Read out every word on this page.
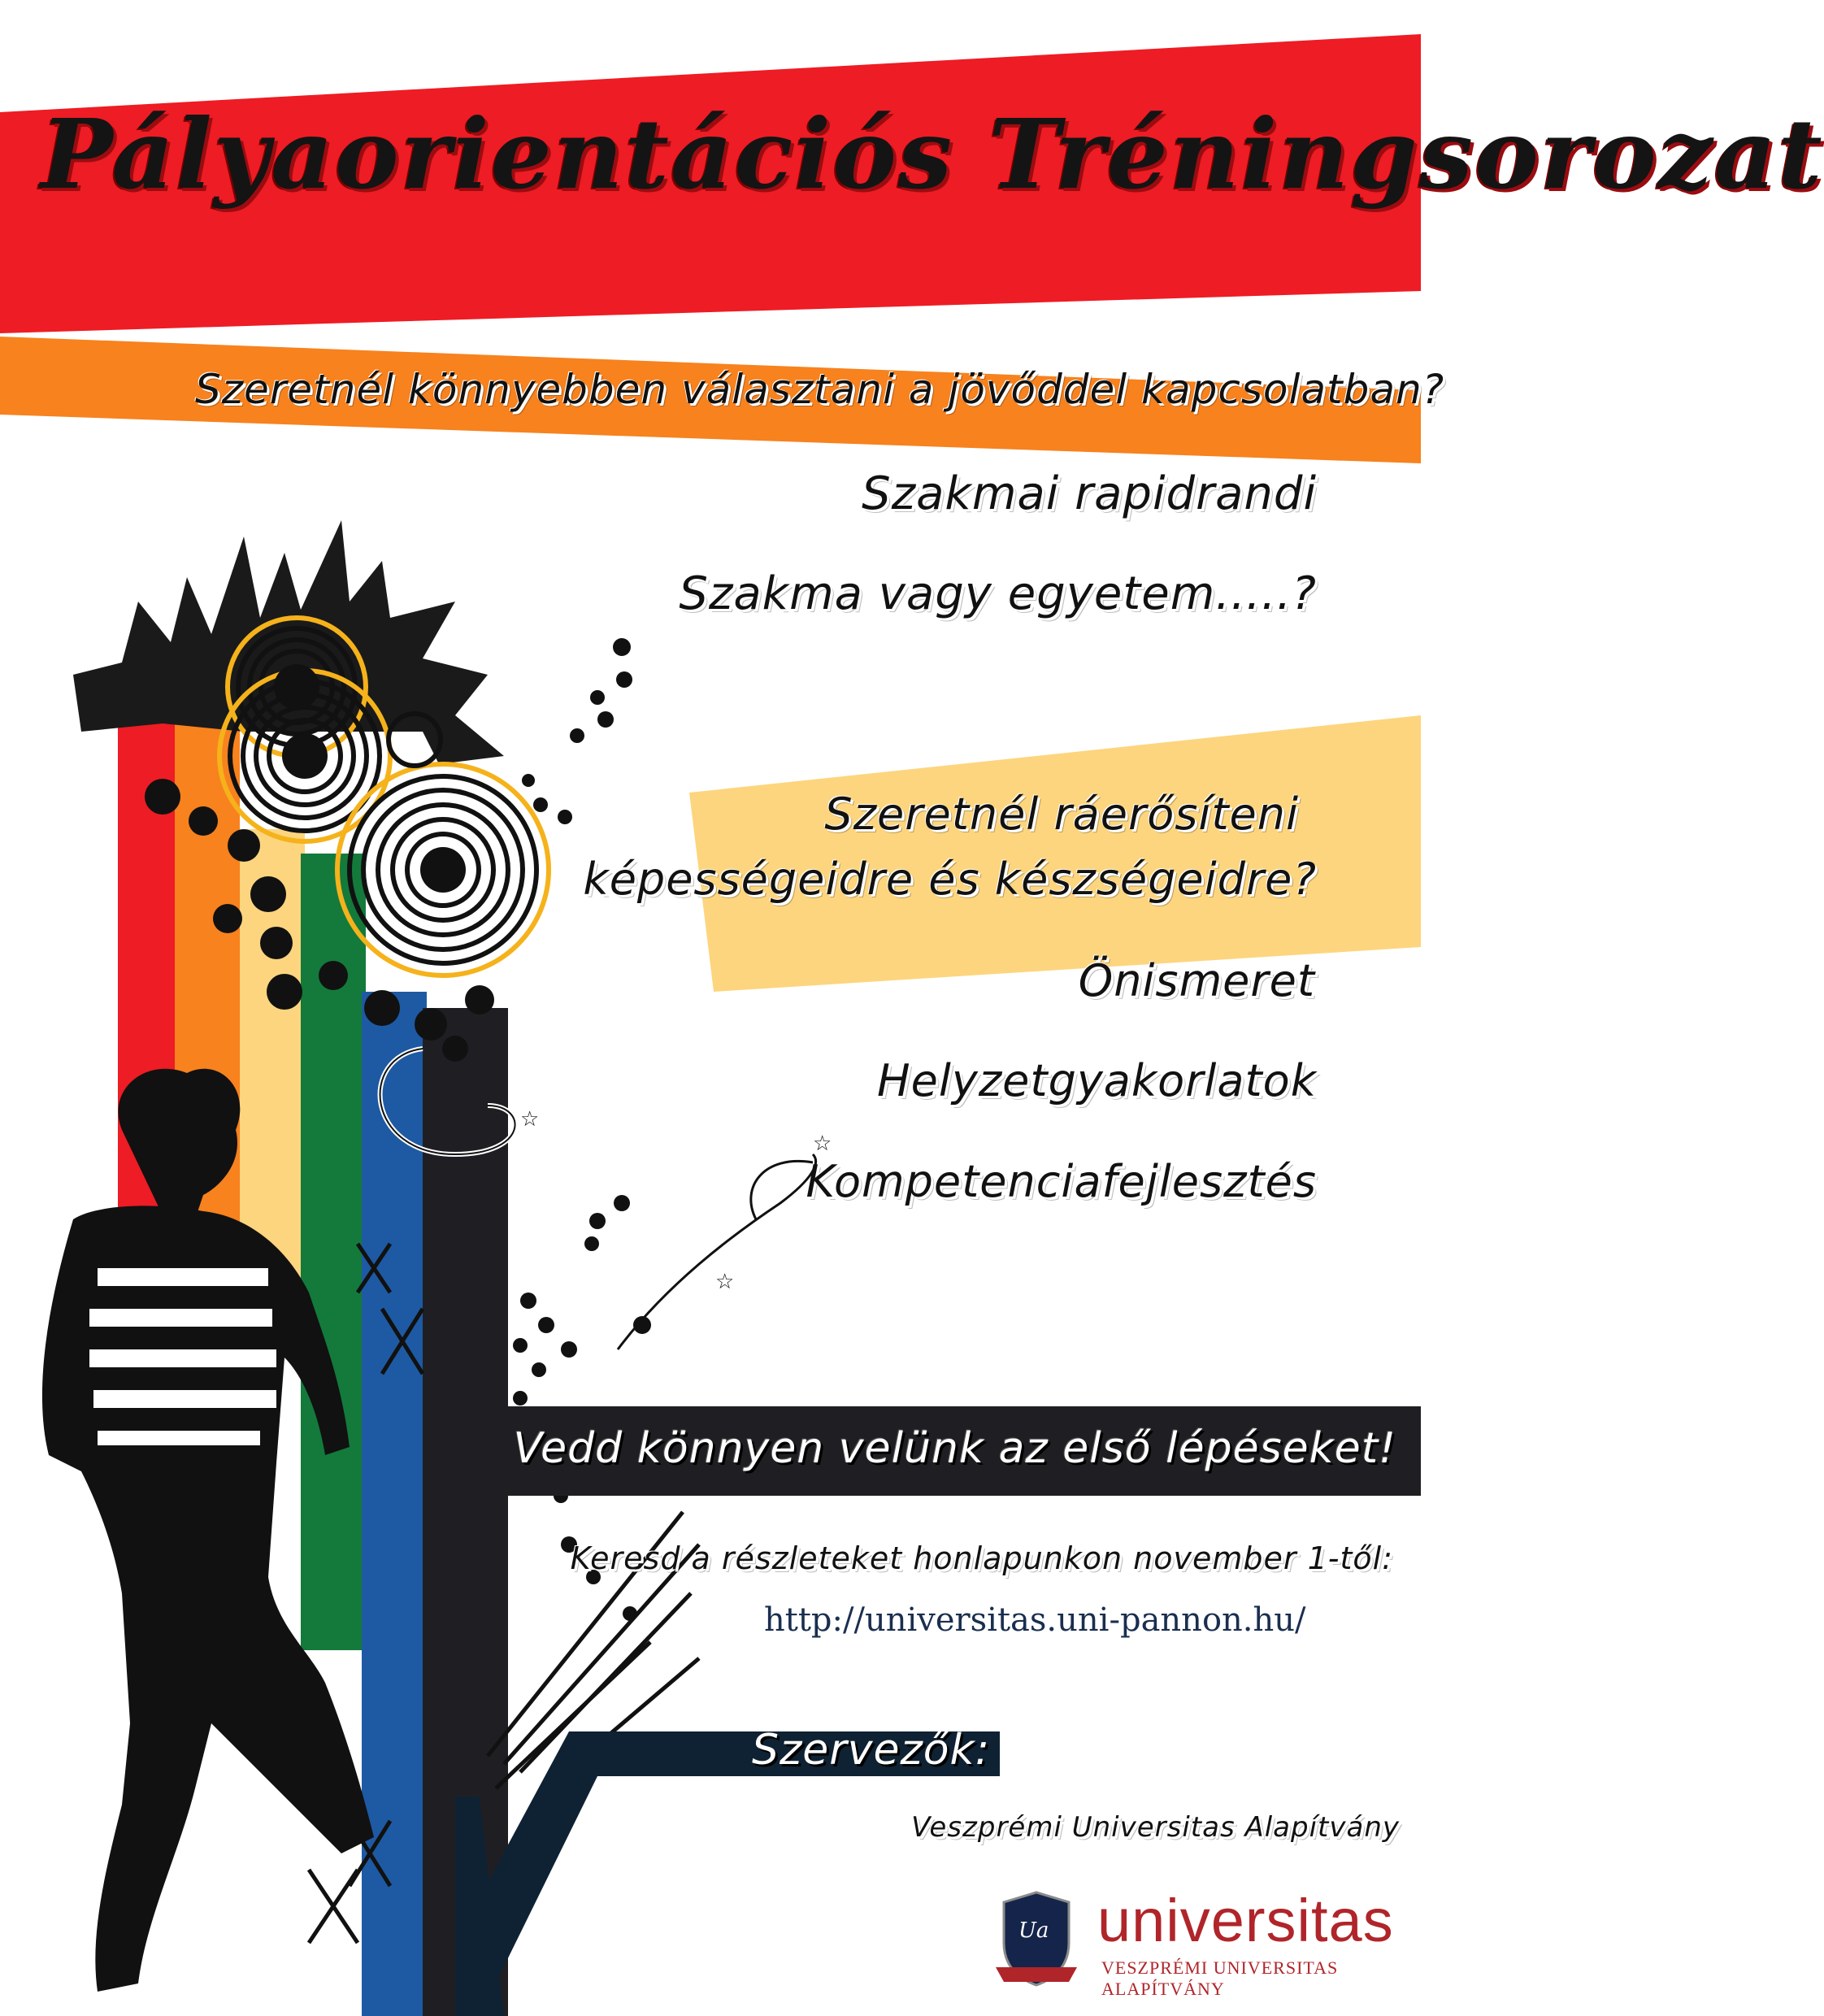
Pályaorientációs Tréningsorozat
Szeretnél könnyebben választani a jövőddel kapcsolatban?
Szakmai rapidrandi
Szakma vagy egyetem.....?
Szeretnél ráerősíteni
képességeidre és készségeidre?
Önismeret
Helyzetgyakorlatok
Kompetenciafejlesztés
☆
☆
☆
Vedd könnyen velünk az első lépéseket!
Keresd a részleteket honlapunkon november 1-től:
http://universitas.uni-pannon.hu/
Szervezők:
Veszprémi Universitas Alapítvány
Ua universitas
VESZPRÉMI UNIVERSITAS ALAPÍTVÁNY
